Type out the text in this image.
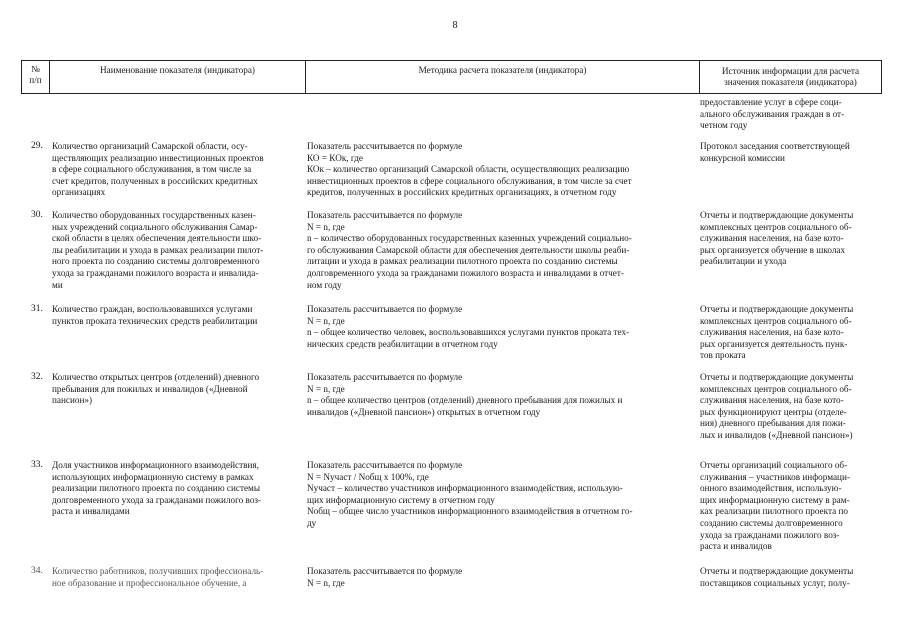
8
№
п/п
Наименование показателя (индикатора)	Методика расчета показателя (индикатора)	Источник информации для расчета
значения показателя (индикатора)
предоставление услуг в сфере соци-
ального обслуживания граждан в от-
четном году
29. Количество организаций Самарской области, осу-
ществляющих реализацию инвестиционных проектов
в сфере социального обслуживания, в том числе за
счет кредитов, полученных в российских кредитных
организациях
Показатель рассчитывается по формуле
КО = КОк, где
КОк – количество организаций Самарской области, осуществляющих реализацию
инвестиционных проектов в сфере социального обслуживания, в том числе за счет
кредитов, полученных в российских кредитных организациях, в отчетном году
Протокол заседания соответствующей
конкурсной комиссии
30. Количество оборудованных государственных казен-
ных учреждений социального обслуживания Самар-
ской области в целях обеспечения деятельности шко-
лы реабилитации и ухода в рамках реализации пилот-
ного проекта по созданию системы долговременного
ухода за гражданами пожилого возраста и инвалида-
ми
Показатель рассчитывается по формуле
N = n, где
n – количество оборудованных государственных казенных учреждений социально-
го обслуживания Самарской области для обеспечения деятельности школы реаби-
литации и ухода в рамках реализации пилотного проекта по созданию системы
долговременного ухода за гражданами пожилого возраста и инвалидами в отчет-
ном году
Отчеты и подтверждающие документы
комплексных центров социального об-
служивания населения, на базе кото-
рых организуется обучение в школах
реабилитации и ухода
31. Количество граждан, воспользовавшихся услугами
пунктов проката технических средств реабилитации
Показатель рассчитывается по формуле
N = n, где
n – общее количество человек, воспользовавшихся услугами пунктов проката тех-
нических средств реабилитации в отчетном году
Отчеты и подтверждающие документы
комплексных центров социального об-
служивания населения, на базе кото-
рых организуется деятельность пунк-
тов проката
32. Количество открытых центров (отделений) дневного
пребывания для пожилых и инвалидов («Дневной
пансион»)
Показатель рассчитывается по формуле
N = n, где
n – общее количество центров (отделений) дневного пребывания для пожилых и
инвалидов («Дневной пансион») открытых в отчетном году
Отчеты и подтверждающие документы
комплексных центров социального об-
служивания населения, на базе кото-
рых функционируют центры (отделе-
ния) дневного пребывания для пожи-
лых и инвалидов («Дневной пансион»)
33. Доля участников информационного взаимодействия,
использующих информационную систему в рамках
реализации пилотного проекта по созданию системы
долговременного ухода за гражданами пожилого воз-
раста и инвалидами
Показатель рассчитывается по формуле
N = Nучаст / Nобщ х 100%, где
Nучаст – количество участников информационного взаимодействия, использую-
щих информационную систему в отчетном году
Nобщ – общее число участников информационного взаимодействия в отчетном го-
ду
Отчеты организаций социального об-
служивания – участников информаци-
онного взаимодействия, использую-
щих информационную систему в рам-
ках реализации пилотного проекта по
созданию системы долговременного
ухода за гражданами пожилого воз-
раста и инвалидов
34. Количество работников, получивших профессиональ-
ное образование и профессиональное обучение, а
Показатель рассчитывается по формуле
N = n, где
Отчеты и подтверждающие документы
поставщиков социальных услуг, полу-
